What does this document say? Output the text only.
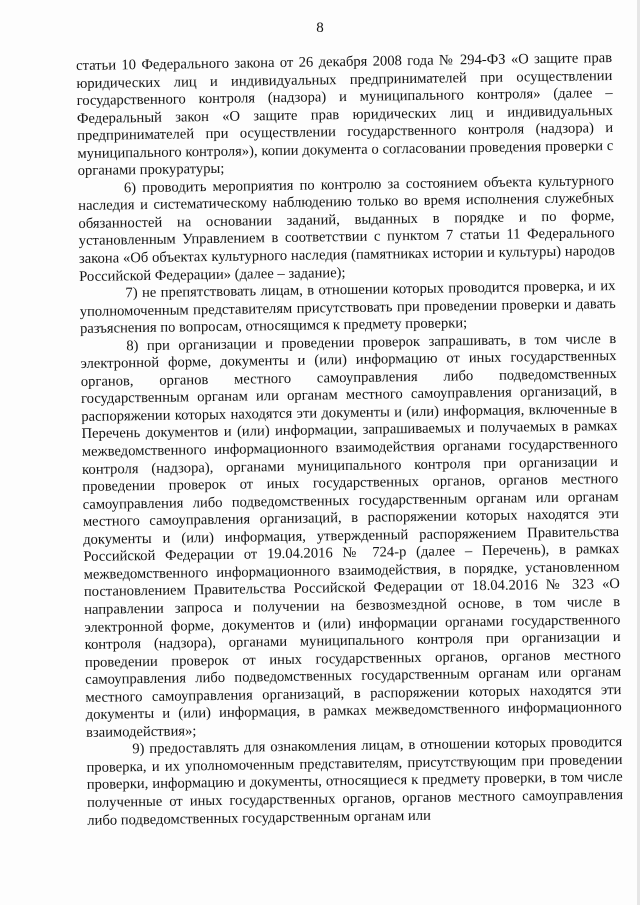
8

статьи 10 Федерального закона от 26 декабря 2008 года № 294-ФЗ «О защите прав юридических лиц и индивидуальных предпринимателей при осуществлении государственного контроля (надзора) и муниципального контроля» (далее – Федеральный закон «О защите прав юридических лиц и индивидуальных предпринимателей при осуществлении государственного контроля (надзора) и муниципального контроля»), копии документа о согласовании проведения проверки с органами прокуратуры;

6) проводить мероприятия по контролю за состоянием объекта культурного наследия и систематическому наблюдению только во время исполнения служебных обязанностей на основании заданий, выданных в порядке и по форме, установленным Управлением в соответствии с пунктом 7 статьи 11 Федерального закона «Об объектах культурного наследия (памятниках истории и культуры) народов Российской Федерации» (далее – задание);

7) не препятствовать лицам, в отношении которых проводится проверка, и их уполномоченным представителям присутствовать при проведении проверки и давать разъяснения по вопросам, относящимся к предмету проверки;

8) при организации и проведении проверок запрашивать, в том числе в электронной форме, документы и (или) информацию от иных государственных органов, органов местного самоуправления либо подведомственных государственным органам или органам местного самоуправления организаций, в распоряжении которых находятся эти документы и (или) информация, включенные в Перечень документов и (или) информации, запрашиваемых и получаемых в рамках межведомственного информационного взаимодействия органами государственного контроля (надзора), органами муниципального контроля при организации и проведении проверок от иных государственных органов, органов местного самоуправления либо подведомственных государственным органам или органам местного самоуправления организаций, в распоряжении которых находятся эти документы и (или) информация, утвержденный распоряжением Правительства Российской Федерации от 19.04.2016 № 724-р (далее – Перечень), в рамках межведомственного информационного взаимодействия, в порядке, установленном постановлением Правительства Российской Федерации от 18.04.2016 № 323 «О направлении запроса и получении на безвозмездной основе, в том числе в электронной форме, документов и (или) информации органами государственного контроля (надзора), органами муниципального контроля при организации и проведении проверок от иных государственных органов, органов местного самоуправления либо подведомственных государственным органам или органам местного самоуправления организаций, в распоряжении которых находятся эти документы и (или) информация, в рамках межведомственного информационного взаимодействия»;

9) предоставлять для ознакомления лицам, в отношении которых проводится проверка, и их уполномоченным представителям, присутствующим при проведении проверки, информацию и документы, относящиеся к предмету проверки, в том числе полученные от иных государственных органов, органов местного самоуправления либо подведомственных государственным органам или
